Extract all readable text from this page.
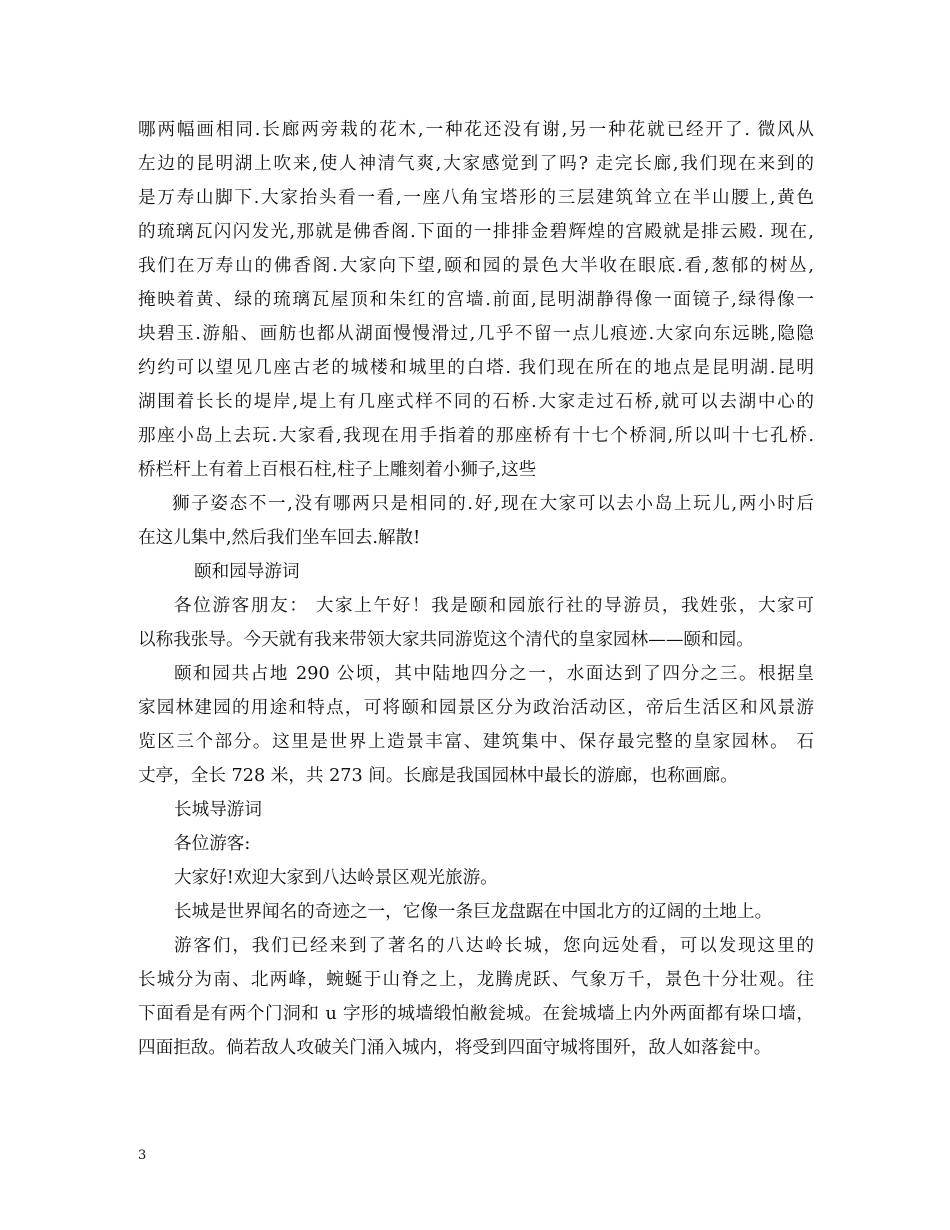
哪两幅画相同.长廊两旁栽的花木,一种花还没有谢,另一种花就已经开了. 微风从
左边的昆明湖上吹来,使人神清气爽,大家感觉到了吗? 走完长廊,我们现在来到的
是万寿山脚下.大家抬头看一看,一座八角宝塔形的三层建筑耸立在半山腰上,黄色
的琉璃瓦闪闪发光,那就是佛香阁.下面的一排排金碧辉煌的宫殿就是排云殿. 现在,
我们在万寿山的佛香阁.大家向下望,颐和园的景色大半收在眼底.看,葱郁的树丛,
掩映着黄、绿的琉璃瓦屋顶和朱红的宫墙.前面,昆明湖静得像一面镜子,绿得像一
块碧玉.游船、画舫也都从湖面慢慢滑过,几乎不留一点儿痕迹.大家向东远眺,隐隐
约约可以望见几座古老的城楼和城里的白塔. 我们现在所在的地点是昆明湖.昆明
湖围着长长的堤岸,堤上有几座式样不同的石桥.大家走过石桥,就可以去湖中心的
那座小岛上去玩.大家看,我现在用手指着的那座桥有十七个桥洞,所以叫十七孔桥.
桥栏杆上有着上百根石柱,柱子上雕刻着小狮子,这些
狮子姿态不一,没有哪两只是相同的.好,现在大家可以去小岛上玩儿,两小时后
在这儿集中,然后我们坐车回去.解散!
颐和园导游词
各位游客朋友： 大家上午好！我是颐和园旅行社的导游员，我姓张，大家可
以称我张导。今天就有我来带领大家共同游览这个清代的皇家园林——颐和园。
颐和园共占地 290 公顷，其中陆地四分之一，水面达到了四分之三。根据皇
家园林建园的用途和特点，可将颐和园景区分为政治活动区，帝后生活区和风景游
览区三个部分。这里是世界上造景丰富、建筑集中、保存最完整的皇家园林。 石
丈亭，全长 728 米，共 273 间。长廊是我国园林中最长的游廊，也称画廊。
长城导游词
各位游客:
大家好!欢迎大家到八达岭景区观光旅游。
长城是世界闻名的奇迹之一，它像一条巨龙盘踞在中国北方的辽阔的土地上。
游客们，我们已经来到了著名的八达岭长城，您向远处看，可以发现这里的
长城分为南、北两峰，蜿蜒于山脊之上，龙腾虎跃、气象万千，景色十分壮观。往
下面看是有两个门洞和 u 字形的城墙缎怕敝瓮城。在瓮城墙上内外两面都有垛口墙，
四面拒敌。倘若敌人攻破关门涌入城内，将受到四面守城将围歼，敌人如落瓮中。
3
